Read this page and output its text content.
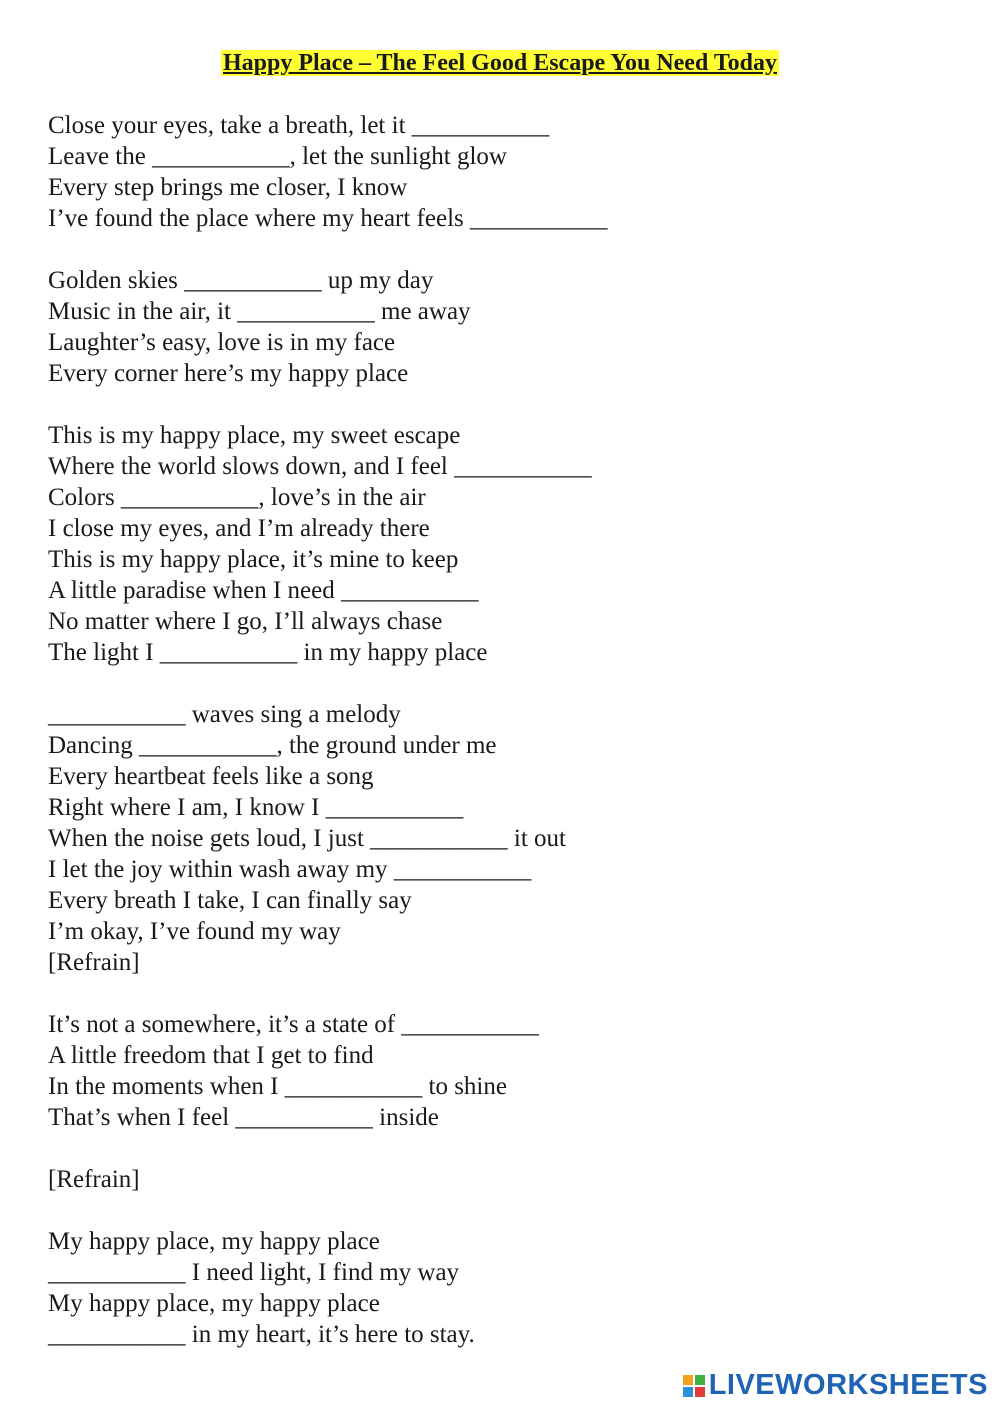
Happy Place – The Feel Good Escape You Need Today
Close your eyes, take a breath, let it ___________
Leave the ___________, let the sunlight glow
Every step brings me closer, I know
I’ve found the place where my heart feels ___________
Golden skies ___________ up my day
Music in the air, it ___________ me away
Laughter’s easy, love is in my face
Every corner here’s my happy place
This is my happy place, my sweet escape
Where the world slows down, and I feel ___________
Colors ___________, love’s in the air
I close my eyes, and I’m already there
This is my happy place, it’s mine to keep
A little paradise when I need ___________
No matter where I go, I’ll always chase
The light I ___________ in my happy place
___________ waves sing a melody
Dancing ___________, the ground under me
Every heartbeat feels like a song
Right where I am, I know I ___________
When the noise gets loud, I just ___________ it out
I let the joy within wash away my ___________
Every breath I take, I can finally say
I’m okay, I’ve found my way
[Refrain]
It’s not a somewhere, it’s a state of ___________
A little freedom that I get to find
In the moments when I ___________ to shine
That’s when I feel ___________ inside
[Refrain]
My happy place, my happy place
___________ I need light, I find my way
My happy place, my happy place
___________ in my heart, it’s here to stay.
LIVEWORKSHEETS
